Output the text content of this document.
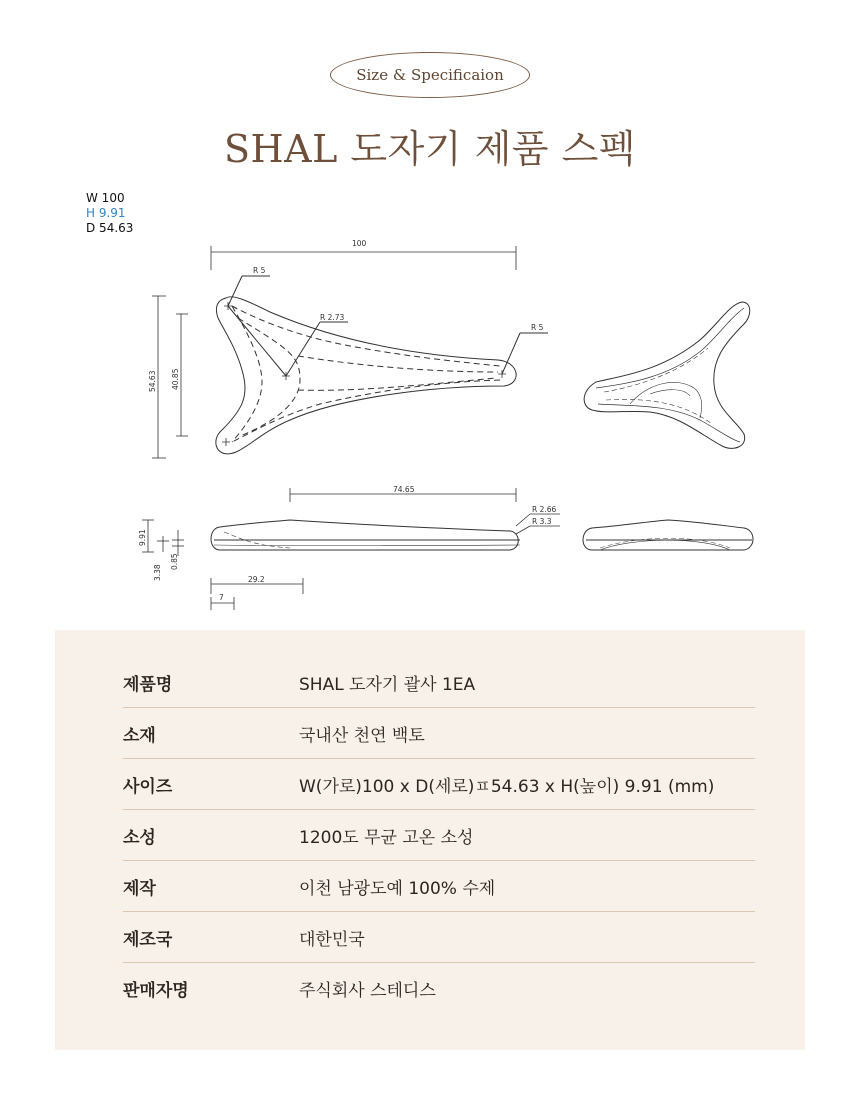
Size & Specificaion
SHAL 도자기 제품 스펙
W 100
H 9.91
D 54.63
100
R 5
R 2.73
R 5
54.63 40.85
74.65
R 2.66
R 3.3
9.91
3.38
0.85
29.2
7
제품명	SHAL 도자기 괄사 1EA
소재	국내산 천연 백토
사이즈	W(가로)100 x D(세로)ㅍ54.63 x H(높이) 9.91 (mm)
소성	1200도 무균 고온 소성
제작	이천 남광도예 100% 수제
제조국	대한민국
판매자명	주식회사 스테디스
